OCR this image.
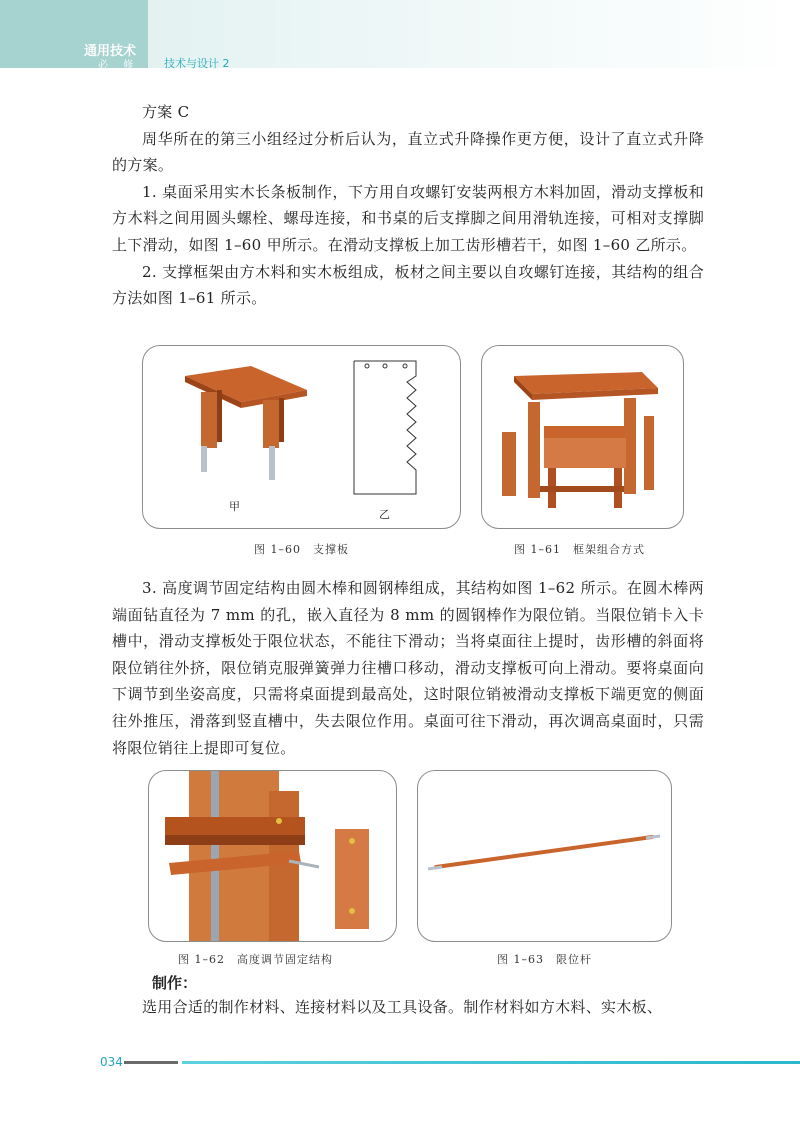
通用技术
必 修 技术与设计 2

方案 C

周华所在的第三小组经过分析后认为，直立式升降操作更方便，设计了直立式升降的方案。

1. 桌面采用实木长条板制作，下方用自攻螺钉安装两根方木料加固，滑动支撑板和方木料之间用圆头螺栓、螺母连接，和书桌的后支撑脚之间用滑轨连接，可相对支撑脚上下滑动，如图 1–60 甲所示。在滑动支撑板上加工齿形槽若干，如图 1–60 乙所示。

2. 支撑框架由方木料和实木板组成，板材之间主要以自攻螺钉连接，其结构的组合方法如图 1–61 所示。

甲
乙
图 1–60　支撑板	图 1–61　框架组合方式

3. 高度调节固定结构由圆木棒和圆钢棒组成，其结构如图 1–62 所示。在圆木棒两端面钻直径为 7 mm 的孔，嵌入直径为 8 mm 的圆钢棒作为限位销。当限位销卡入卡槽中，滑动支撑板处于限位状态，不能往下滑动；当将桌面往上提时，齿形槽的斜面将限位销往外挤，限位销克服弹簧弹力往槽口移动，滑动支撑板可向上滑动。要将桌面向下调节到坐姿高度，只需将桌面提到最高处，这时限位销被滑动支撑板下端更宽的侧面往外推压，滑落到竖直槽中，失去限位作用。桌面可往下滑动，再次调高桌面时，只需将限位销往上提即可复位。

图 1–62　高度调节固定结构	图 1–63　限位杆
制作：

选用合适的制作材料、连接材料以及工具设备。制作材料如方木料、实木板、

034
